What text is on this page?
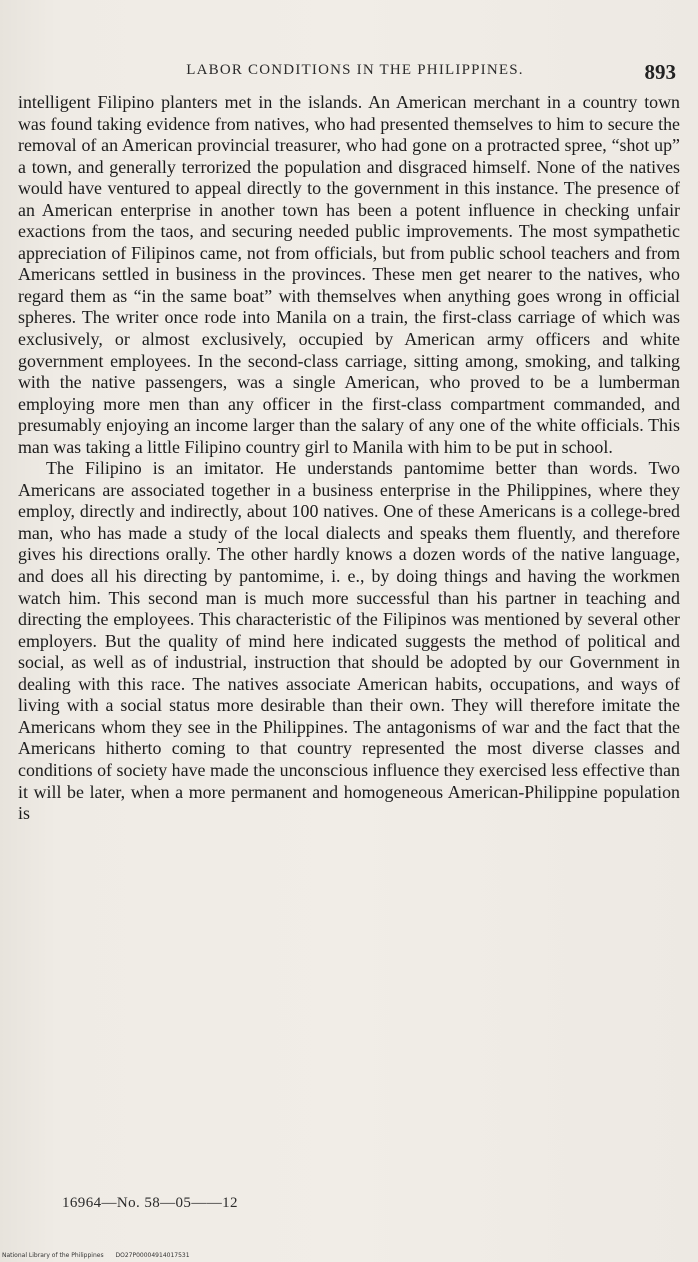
LABOR CONDITIONS IN THE PHILIPPINES.	893

intelligent Filipino planters met in the islands. An American merchant in a country town was found taking evidence from natives, who had presented themselves to him to secure the removal of an American provincial treasurer, who had gone on a protracted spree, “shot up” a town, and generally terrorized the population and disgraced himself. None of the natives would have ventured to appeal directly to the government in this instance. The presence of an American enterprise in another town has been a potent influence in checking unfair exactions from the taos, and securing needed public improvements. The most sympathetic appreciation of Filipinos came, not from officials, but from public school teachers and from Americans settled in business in the provinces. These men get nearer to the natives, who regard them as “in the same boat” with themselves when anything goes wrong in official spheres. The writer once rode into Manila on a train, the first-class carriage of which was exclusively, or almost exclusively, occupied by American army officers and white government employees. In the second-class carriage, sitting among, smoking, and talking with the native passengers, was a single American, who proved to be a lumberman employing more men than any officer in the first-class compartment commanded, and presumably enjoying an income larger than the salary of any one of the white officials. This man was taking a little Filipino country girl to Manila with him to be put in school.

The Filipino is an imitator. He understands pantomime better than words. Two Americans are associated together in a business enterprise in the Philippines, where they employ, directly and indirectly, about 100 natives. One of these Americans is a college-bred man, who has made a study of the local dialects and speaks them fluently, and therefore gives his directions orally. The other hardly knows a dozen words of the native language, and does all his directing by pantomime, i. e., by doing things and having the workmen watch him. This second man is much more successful than his partner in teaching and directing the employees. This characteristic of the Filipinos was mentioned by several other employers. But the quality of mind here indicated suggests the method of political and social, as well as of industrial, instruction that should be adopted by our Government in dealing with this race. The natives associate American habits, occupations, and ways of living with a social status more desirable than their own. They will therefore imitate the Americans whom they see in the Philippines. The antagonisms of war and the fact that the Americans hitherto coming to that country represented the most diverse classes and conditions of society have made the unconscious influence they exercised less effective than it will be later, when a more permanent and homogeneous American-Philippine population is

16964—No. 58—05——12
National Library of the Philippines DO27P00004914017531
